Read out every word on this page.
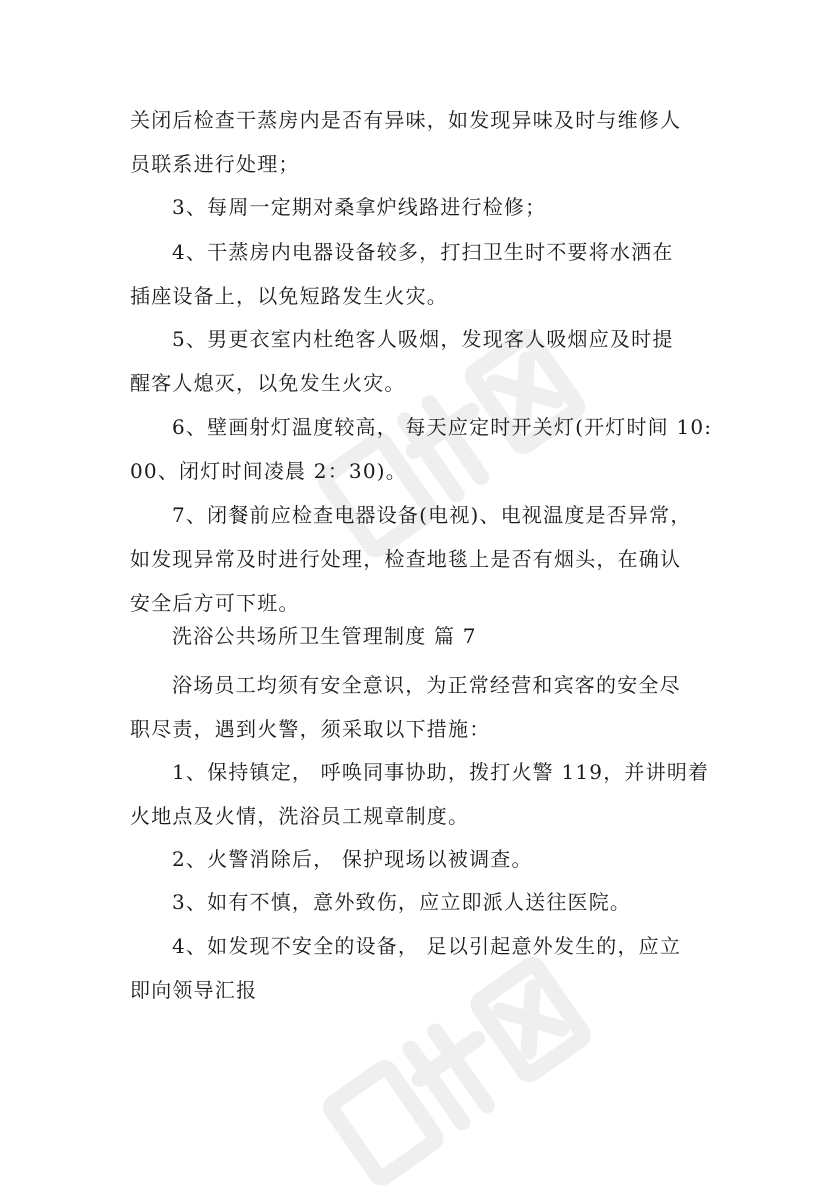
关闭后检查干蒸房内是否有异味，如发现异味及时与维修人
员联系进行处理；
3、每周一定期对桑拿炉线路进行检修；
4、干蒸房内电器设备较多，打扫卫生时不要将水洒在
插座设备上，以免短路发生火灾。
5、男更衣室内杜绝客人吸烟，发现客人吸烟应及时提
醒客人熄灭，以免发生火灾。
6、壁画射灯温度较高， 每天应定时开关灯(开灯时间 10:
00、闭灯时间凌晨 2：30)。
7、闭餐前应检查电器设备(电视)、电视温度是否异常，
如发现异常及时进行处理，检查地毯上是否有烟头，在确认
安全后方可下班。
洗浴公共场所卫生管理制度 篇 7
浴场员工均须有安全意识，为正常经营和宾客的安全尽
职尽责，遇到火警，须采取以下措施：
1、保持镇定， 呼唤同事协助，拨打火警 119，并讲明着
火地点及火情，洗浴员工规章制度。
2、火警消除后， 保护现场以被调查。
3、如有不慎，意外致伤，应立即派人送往医院。
4、如发现不安全的设备， 足以引起意外发生的，应立
即向领导汇报
